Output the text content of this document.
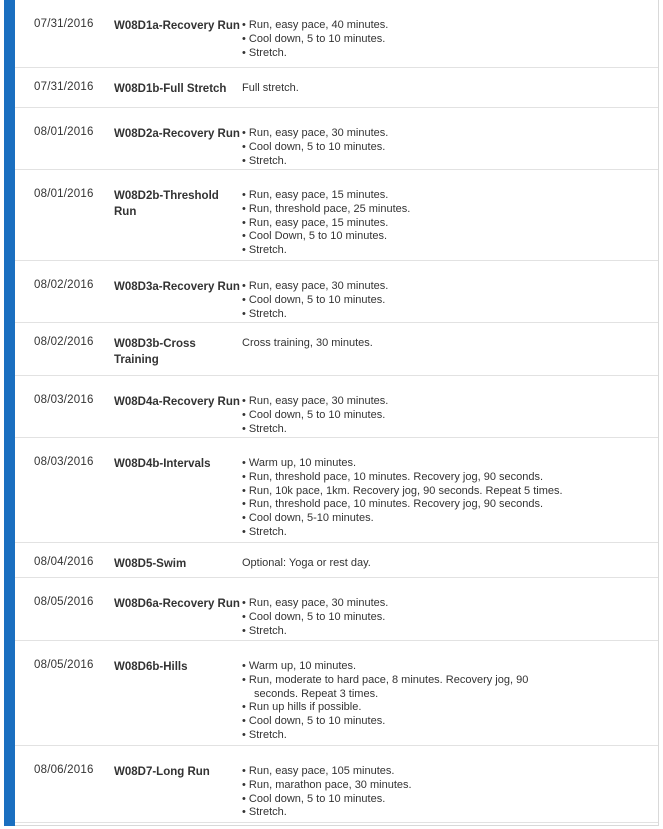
07/31/2016 W08D1a-Recovery Run • Run, easy pace, 40 minutes.
• Cool down, 5 to 10 minutes.
• Stretch.
07/31/2016 W08D1b-Full Stretch	Full stretch.
08/01/2016 W08D2a-Recovery Run • Run, easy pace, 30 minutes.
• Cool down, 5 to 10 minutes.
• Stretch.
08/01/2016 W08D2b-Threshold Run
• Run, easy pace, 15 minutes.
• Run, threshold pace, 25 minutes.
• Run, easy pace, 15 minutes.
• Cool Down, 5 to 10 minutes.
• Stretch.
08/02/2016 W08D3a-Recovery Run • Run, easy pace, 30 minutes.
• Cool down, 5 to 10 minutes.
• Stretch.
08/02/2016 W08D3b-Cross Training
Cross training, 30 minutes.
08/03/2016 W08D4a-Recovery Run • Run, easy pace, 30 minutes.
• Cool down, 5 to 10 minutes.
• Stretch.
08/03/2016 W08D4b-Intervals	• Warm up, 10 minutes.
• Run, threshold pace, 10 minutes. Recovery jog, 90 seconds.
• Run, 10k pace, 1km. Recovery jog, 90 seconds. Repeat 5 times.
• Run, threshold pace, 10 minutes. Recovery jog, 90 seconds.
• Cool down, 5-10 minutes.
• Stretch.
08/04/2016 W08D5-Swim	Optional: Yoga or rest day.
08/05/2016 W08D6a-Recovery Run • Run, easy pace, 30 minutes.
• Cool down, 5 to 10 minutes.
• Stretch.
08/05/2016 W08D6b-Hills	• Warm up, 10 minutes.
• Run, moderate to hard pace, 8 minutes. Recovery jog, 90
seconds. Repeat 3 times.
• Run up hills if possible.
• Cool down, 5 to 10 minutes.
• Stretch.
08/06/2016 W08D7-Long Run	• Run, easy pace, 105 minutes.
• Run, marathon pace, 30 minutes.
• Cool down, 5 to 10 minutes.
• Stretch.
